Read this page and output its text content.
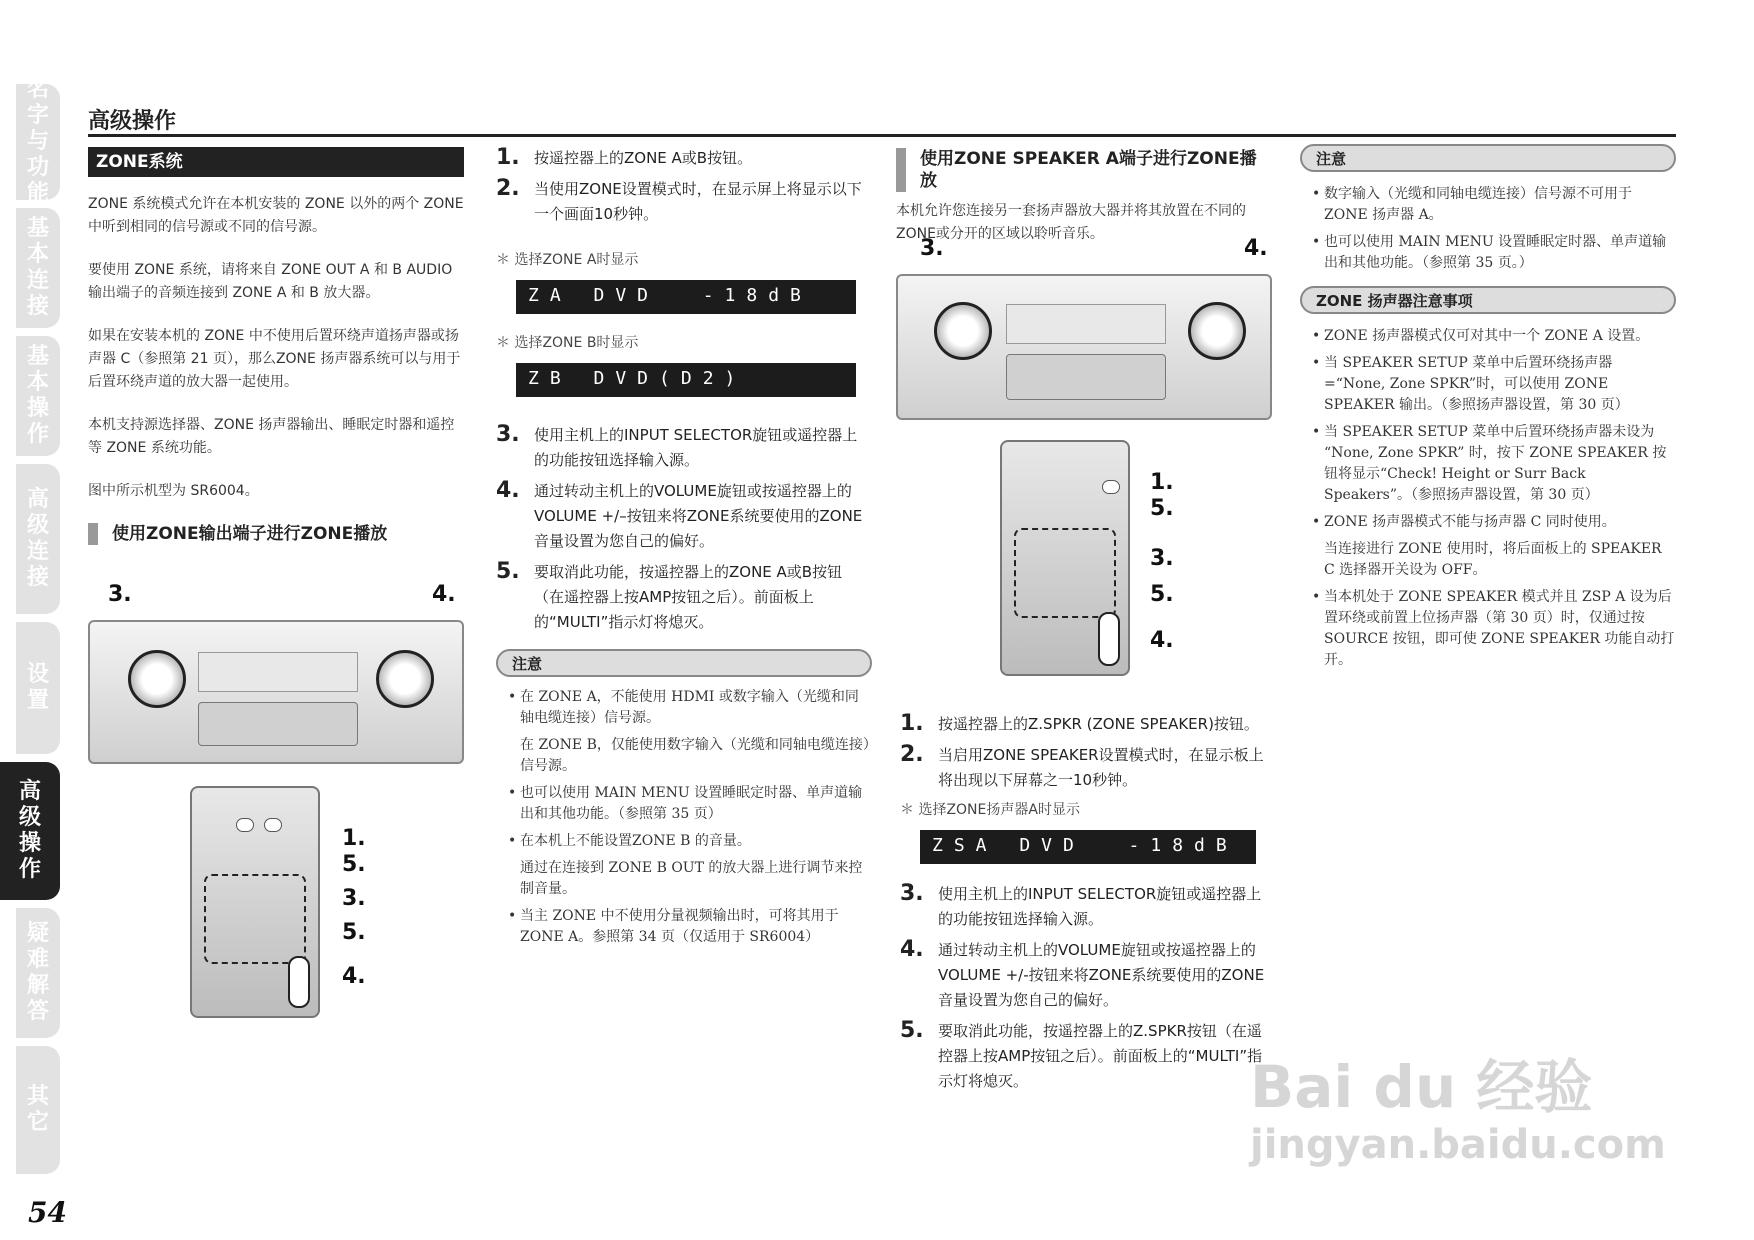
名
字
与
功
能
基
本
连
接
基
本
操
作
高
级
连
接
设
置
高
级
操
作
疑
难
解
答
其
它
高级操作
54
ZONE系统

ZONE 系统模式允许在本机安装的 ZONE 以外的两个 ZONE 中听到相同的信号源或不同的信号源。

要使用 ZONE 系统，请将来自 ZONE OUT A 和 B AUDIO 输出端子的音频连接到 ZONE A 和 B 放大器。

如果在安装本机的 ZONE 中不使用后置环绕声道扬声器或扬声器 C（参照第 21 页），那么ZONE 扬声器系统可以与用于后置环绕声道的放大器一起使用。

本机支持源选择器、ZONE 扬声器输出、睡眠定时器和遥控等 ZONE 系统功能。

图中所示机型为 SR6004。

使用ZONE输出端子进行ZONE播放
3.	4.
1.
5.
3.
5.
4.
1. 按遥控器上的ZONE A或B按钮。
2. 当使用ZONE设置模式时，在显示屏上将显示以下一个画面10秒钟。
＊ 选择ZONE A时显示
ZA DVD  -18dB
＊ 选择ZONE B时显示
ZB DVD(D2)
3. 使用主机上的INPUT SELECTOR旋钮或遥控器上的功能按钮选择输入源。
4. 通过转动主机上的VOLUME旋钮或按遥控器上的VOLUME +/–按钮来将ZONE系统要使用的ZONE音量设置为您自己的偏好。
5. 要取消此功能，按遥控器上的ZONE A或B按钮（在遥控器上按AMP按钮之后）。前面板上的“MULTI”指示灯将熄灭。
注意
• 在 ZONE A，不能使用 HDMI 或数字输入（光缆和同轴电缆连接）信号源。
在 ZONE B，仅能使用数字输入（光缆和同轴电缆连接）信号源。
• 也可以使用 MAIN MENU 设置睡眠定时器、单声道输出和其他功能。（参照第 35 页）
• 在本机上不能设置ZONE B 的音量。
通过在连接到 ZONE B OUT 的放大器上进行调节来控制音量。
• 当主 ZONE 中不使用分量视频输出时，可将其用于 ZONE A。参照第 34 页（仅适用于 SR6004）
使用ZONE SPEAKER A端子进行ZONE播放

本机允许您连接另一套扬声器放大器并将其放置在不同的ZONE或分开的区域以聆听音乐。

3.	4.
1.
5.
3.
5.
4.
1. 按遥控器上的Z.SPKR (ZONE SPEAKER)按钮。
2. 当启用ZONE SPEAKER设置模式时，在显示板上将出现以下屏幕之一10秒钟。
＊ 选择ZONE扬声器A时显示
ZSA DVD  -18dB
3. 使用主机上的INPUT SELECTOR旋钮或遥控器上的功能按钮选择输入源。
4. 通过转动主机上的VOLUME旋钮或按遥控器上的VOLUME +/-按钮来将ZONE系统要使用的ZONE音量设置为您自己的偏好。
5. 要取消此功能，按遥控器上的Z.SPKR按钮（在遥控器上按AMP按钮之后）。前面板上的“MULTI”指示灯将熄灭。
注意
• 数字输入（光缆和同轴电缆连接）信号源不可用于 ZONE 扬声器 A。
• 也可以使用 MAIN MENU 设置睡眠定时器、单声道输出和其他功能。（参照第 35 页。）
ZONE 扬声器注意事项
• ZONE 扬声器模式仅可对其中一个 ZONE A 设置。
• 当 SPEAKER SETUP 菜单中后置环绕扬声器 =“None, Zone SPKR”时，可以使用 ZONE SPEAKER 输出。（参照扬声器设置，第 30 页）
• 当 SPEAKER SETUP 菜单中后置环绕扬声器未设为 “None, Zone SPKR” 时，按下 ZONE SPEAKER 按钮将显示“Check! Height or Surr Back Speakers”。（参照扬声器设置，第 30 页）
• ZONE 扬声器模式不能与扬声器 C 同时使用。
当连接进行 ZONE 使用时，将后面板上的 SPEAKER C 选择器开关设为 OFF。
• 当本机处于 ZONE SPEAKER 模式并且 ZSP A 设为后置环绕或前置上位扬声器（第 30 页）时，仅通过按 SOURCE 按钮，即可使 ZONE SPEAKER 功能自动打开。
Bai du 经验
jingyan.baidu.com
